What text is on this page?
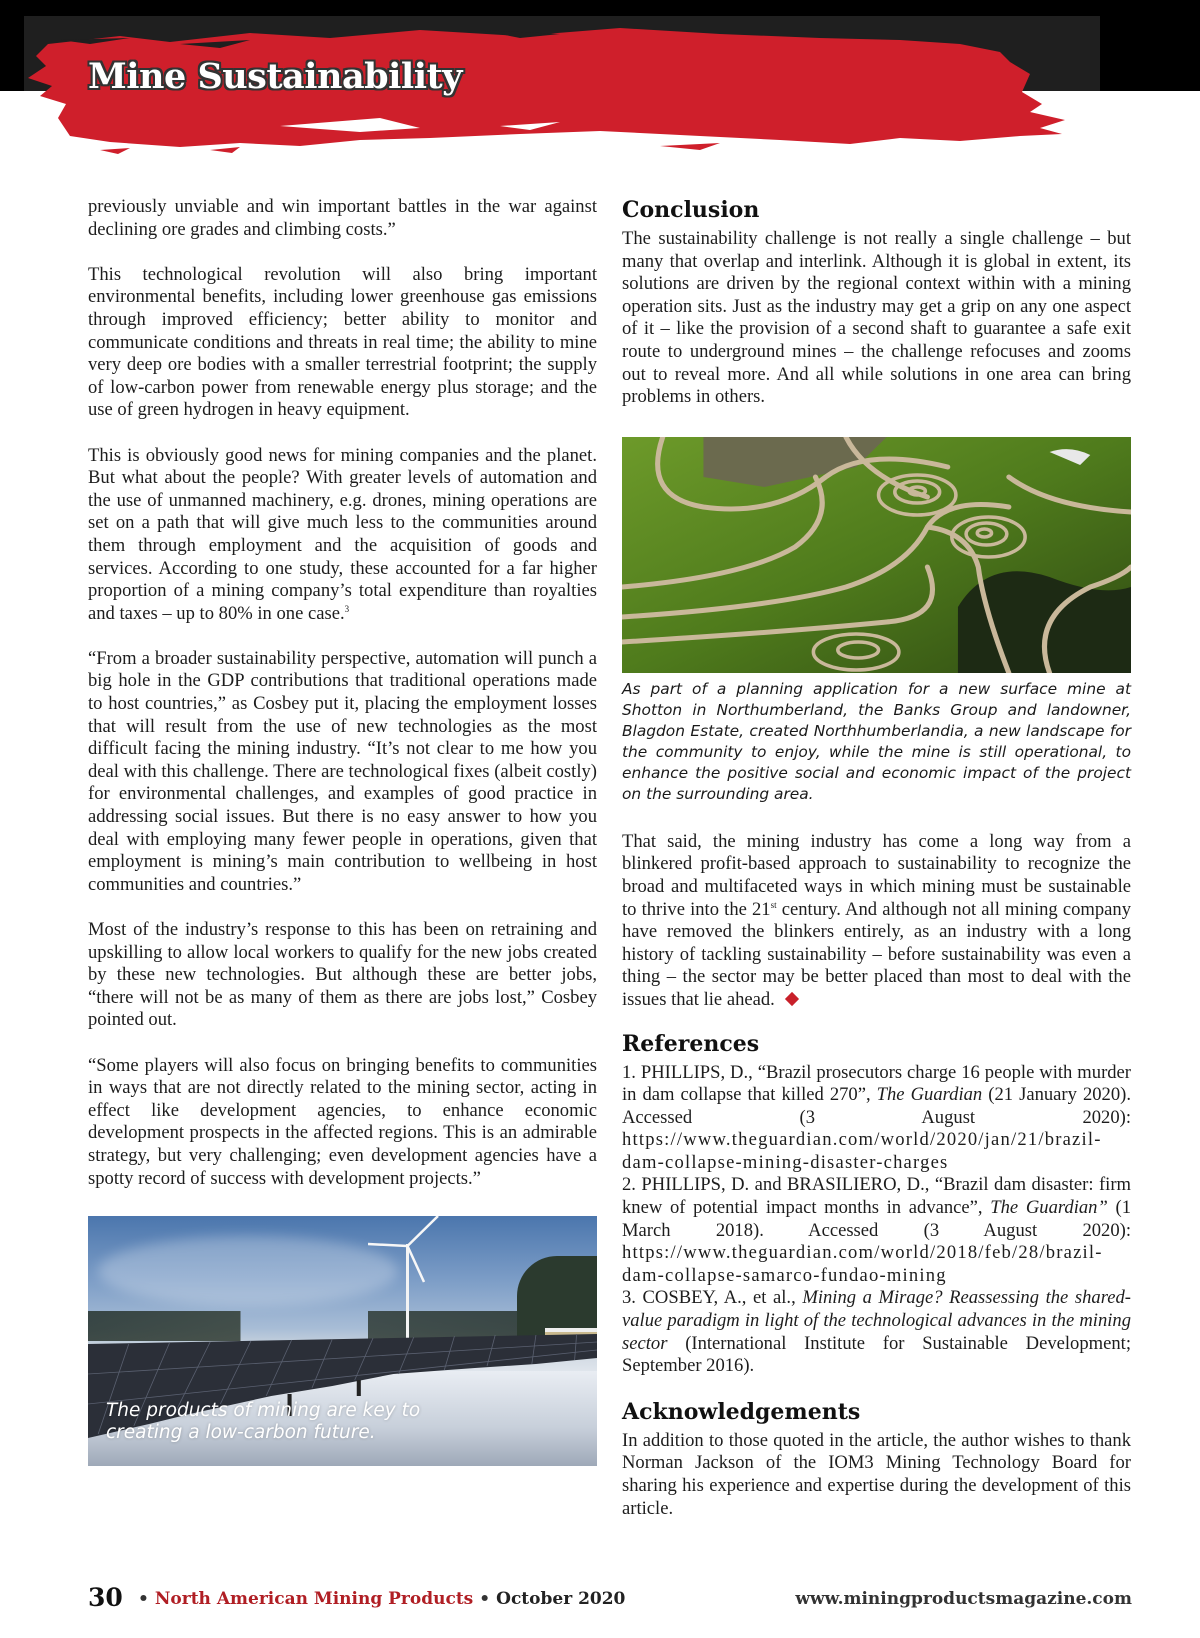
Mine Sustainability

previously unviable and win important battles in the war against declining ore grades and climbing costs.”

This technological revolution will also bring important environmental benefits, including lower greenhouse gas emissions through improved efficiency; better ability to monitor and communicate conditions and threats in real time; the ability to mine very deep ore bodies with a smaller terrestrial footprint; the supply of low-carbon power from renewable energy plus storage; and the use of green hydrogen in heavy equipment.

This is obviously good news for mining companies and the planet. But what about the people? With greater levels of automation and the use of unmanned machinery, e.g. drones, mining operations are set on a path that will give much less to the communities around them through employment and the acquisition of goods and services. According to one study, these accounted for a far higher proportion of a mining company’s total expenditure than royalties and taxes – up to 80% in one case.$^3$

“From a broader sustainability perspective, automation will punch a big hole in the GDP contributions that traditional operations made to host countries,” as Cosbey put it, placing the employment losses that will result from the use of new technologies as the most difficult facing the mining industry. “It’s not clear to me how you deal with this challenge. There are technological fixes (albeit costly) for environmental challenges, and examples of good practice in addressing social issues. But there is no easy answer to how you deal with employing many fewer people in operations, given that employment is mining’s main contribution to wellbeing in host communities and countries.”

Most of the industry’s response to this has been on retraining and upskilling to allow local workers to qualify for the new jobs created by these new technologies. But although these are better jobs, “there will not be as many of them as there are jobs lost,” Cosbey pointed out.

“Some players will also focus on bringing benefits to communities in ways that are not directly related to the mining sector, acting in effect like development agencies, to enhance economic development prospects in the affected regions. This is an admirable strategy, but very challenging; even development agencies have a spotty record of success with development projects.”

The products of mining are key to
creating a low-carbon future.
Conclusion

The sustainability challenge is not really a single challenge – but many that overlap and interlink. Although it is global in extent, its solutions are driven by the regional context within with a mining operation sits. Just as the industry may get a grip on any one aspect of it – like the provision of a second shaft to guarantee a safe exit route to underground mines – the challenge refocuses and zooms out to reveal more. And all while solutions in one area can bring problems in others.

As part of a planning application for a new surface mine at Shotton in Northumberland, the Banks Group and landowner, Blagdon Estate, created Northhumberlandia, a new landscape for the community to enjoy, while the mine is still operational, to enhance the positive social and economic impact of the project on the surrounding area.

That said, the mining industry has come a long way from a blinkered profit-based approach to sustainability to recognize the broad and multifaceted ways in which mining must be sustainable to thrive into the 21st century. And although not all mining company have removed the blinkers entirely, as an industry with a long history of tackling sustainability – before sustainability was even a thing – the sector may be better placed than most to deal with the issues that lie ahead.

References

1. PHILLIPS, D., “Brazil prosecutors charge 16 people with murder in dam collapse that killed 270”, The Guardian (21 January 2020). Accessed (3 August 2020): https://www.theguardian.com/world/2020/jan/21/brazil-dam-collapse-mining-disaster-charges

2. PHILLIPS, D. and BRASILIERO, D., “Brazil dam disaster: firm knew of potential impact months in advance”, The Guardian” (1 March 2018). Accessed (3 August 2020): https://www.theguardian.com/world/2018/feb/28/brazil-dam-collapse-samarco-fundao-mining

3. COSBEY, A., et al., Mining a Mirage? Reassessing the shared-value paradigm in light of the technological advances in the mining sector (International Institute for Sustainable Development; September 2016).

Acknowledgements

In addition to those quoted in the article, the author wishes to thank Norman Jackson of the IOM3 Mining Technology Board for sharing his experience and expertise during the development of this article.

30 • North American Mining Products • October 2020	www.miningproductsmagazine.com
